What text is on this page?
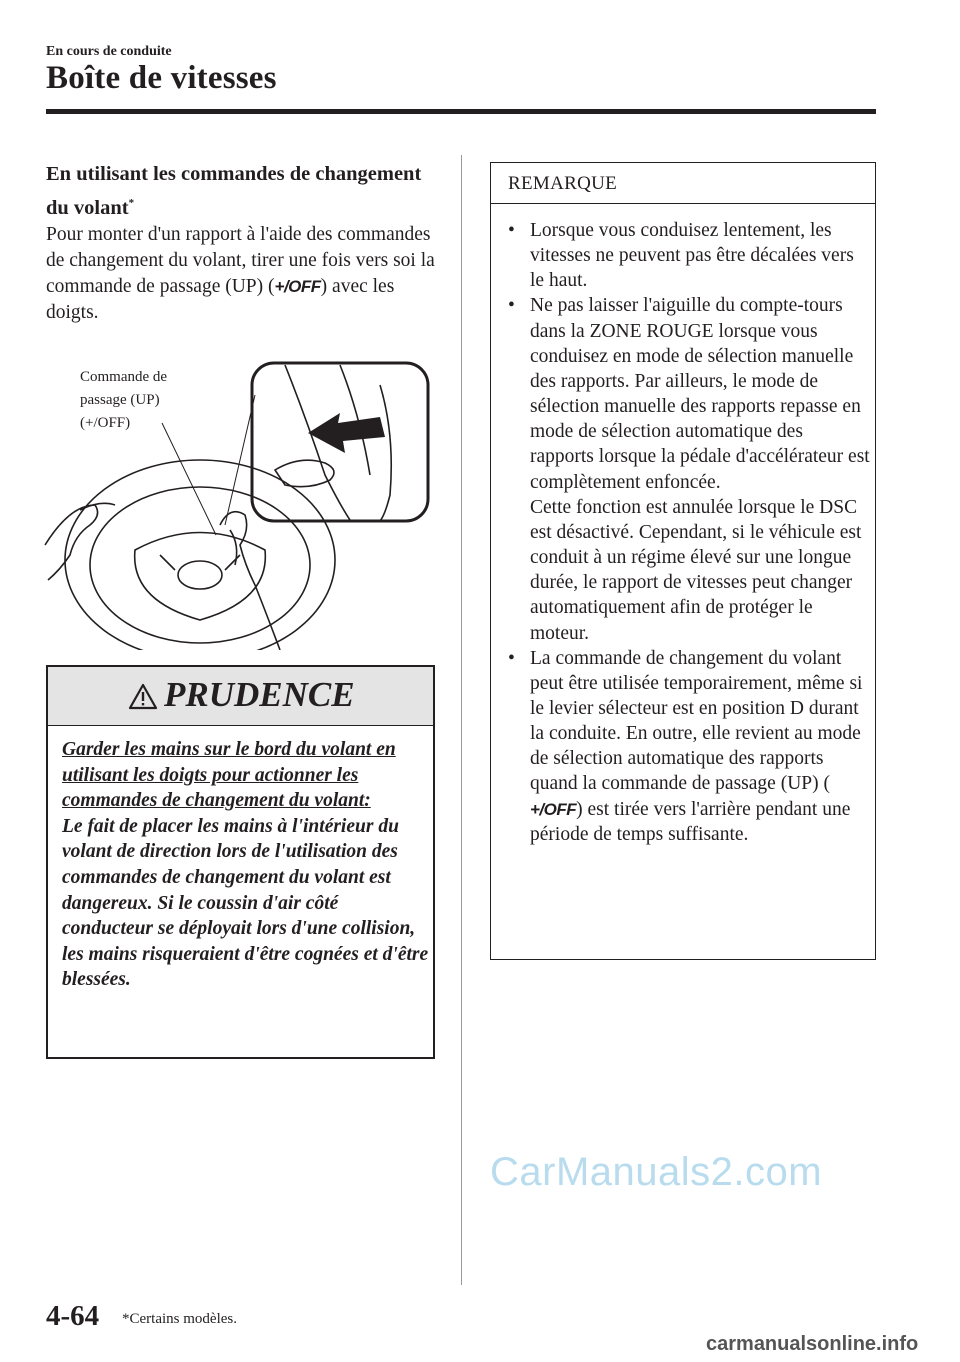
En cours de conduite
Boîte de vitesses
En utilisant les commandes de changement du volant*
Pour monter d'un rapport à l'aide des commandes de changement du volant, tirer une fois vers soi la commande de passage (UP) (+/OFF) avec les doigts.
Commande de
passage (UP)
(+/OFF)
PRUDENCE
Garder les mains sur le bord du volant en utilisant les doigts pour actionner les commandes de changement du volant:
Le fait de placer les mains à l'intérieur du volant de direction lors de l'utilisation des commandes de changement du volant est dangereux. Si le coussin d'air côté conducteur se déployait lors d'une collision, les mains risqueraient d'être cognées et d'être blessées.
REMARQUE
• Lorsque vous conduisez lentement, les vitesses ne peuvent pas être décalées vers le haut.
• Ne pas laisser l'aiguille du compte-tours dans la ZONE ROUGE lorsque vous conduisez en mode de sélection manuelle des rapports. Par ailleurs, le mode de sélection manuelle des rapports repasse en mode de sélection automatique des rapports lorsque la pédale d'accélérateur est complètement enfoncée.
Cette fonction est annulée lorsque le DSC est désactivé. Cependant, si le véhicule est conduit à un régime élevé sur une longue durée, le rapport de vitesses peut changer automatiquement afin de protéger le moteur.
• La commande de changement du volant peut être utilisée temporairement, même si le levier sélecteur est en position D durant la conduite. En outre, elle revient au mode de sélection automatique des rapports quand la commande de passage (UP) (+/OFF) est tirée vers l'arrière pendant une période de temps suffisante.
4-64 *Certains modèles.
CarManuals2.com
carmanualsonline.info
